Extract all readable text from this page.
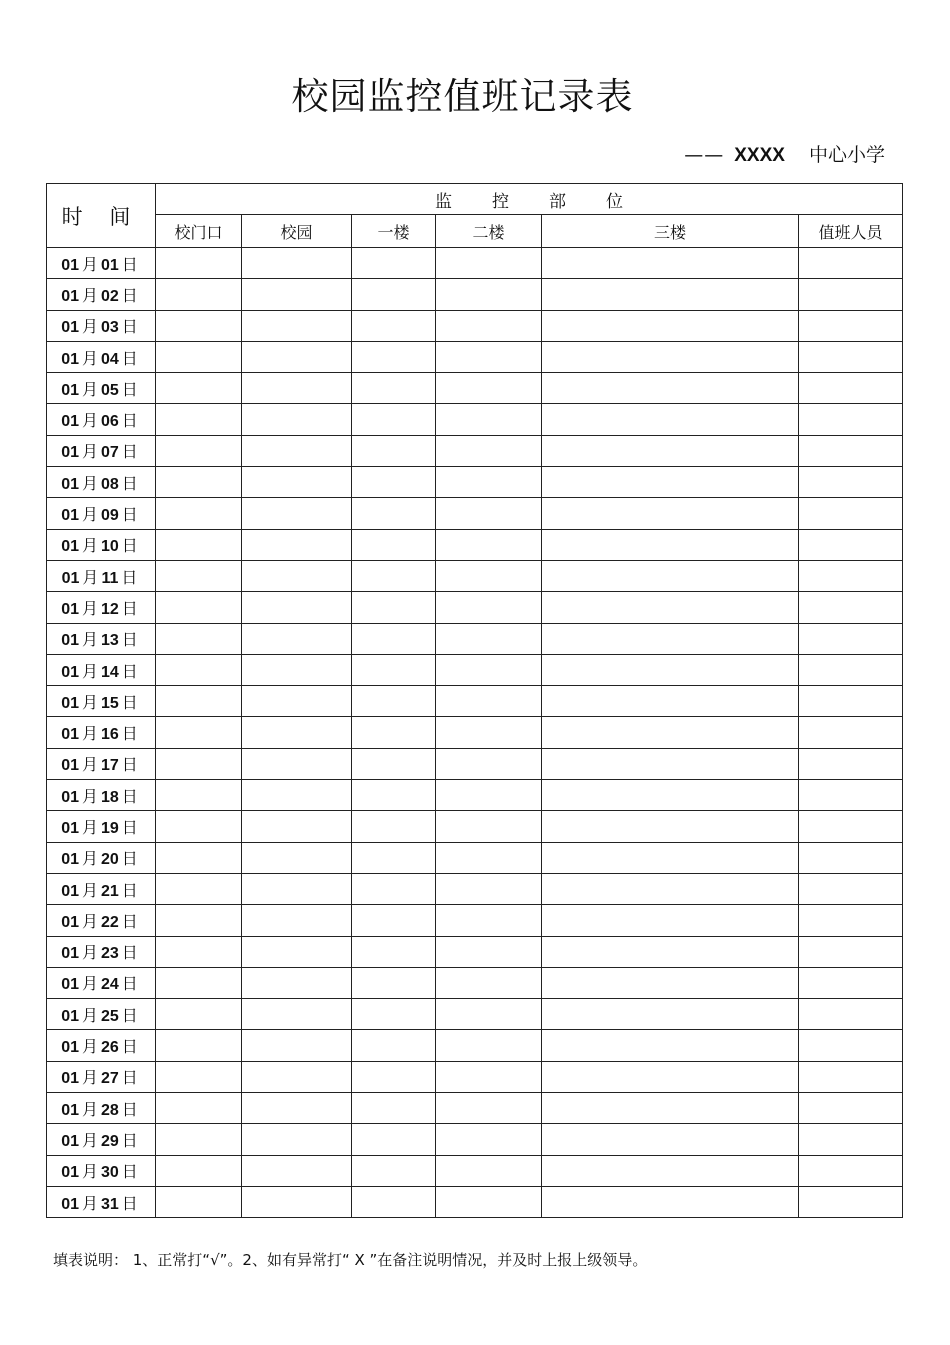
校园监控值班记录表
—— XXXX 中心小学
时 间	监控部位					
	校门口	校园	一楼	二楼	三楼	值班人员
01 月 01 日						
01 月 02 日						
01 月 03 日						
01 月 04 日						
01 月 05 日						
01 月 06 日						
01 月 07 日						
01 月 08 日						
01 月 09 日						
01 月 10 日						
01 月 11 日						
01 月 12 日						
01 月 13 日						
01 月 14 日						
01 月 15 日						
01 月 16 日						
01 月 17 日						
01 月 18 日						
01 月 19 日						
01 月 20 日						
01 月 21 日						
01 月 22 日						
01 月 23 日						
01 月 24 日						
01 月 25 日						
01 月 26 日						
01 月 27 日						
01 月 28 日						
01 月 29 日						
01 月 30 日						
01 月 31 日						
填表说明： 1、正常打“√”。2、如有异常打“ X ”在备注说明情况，并及时上报上级领导。
